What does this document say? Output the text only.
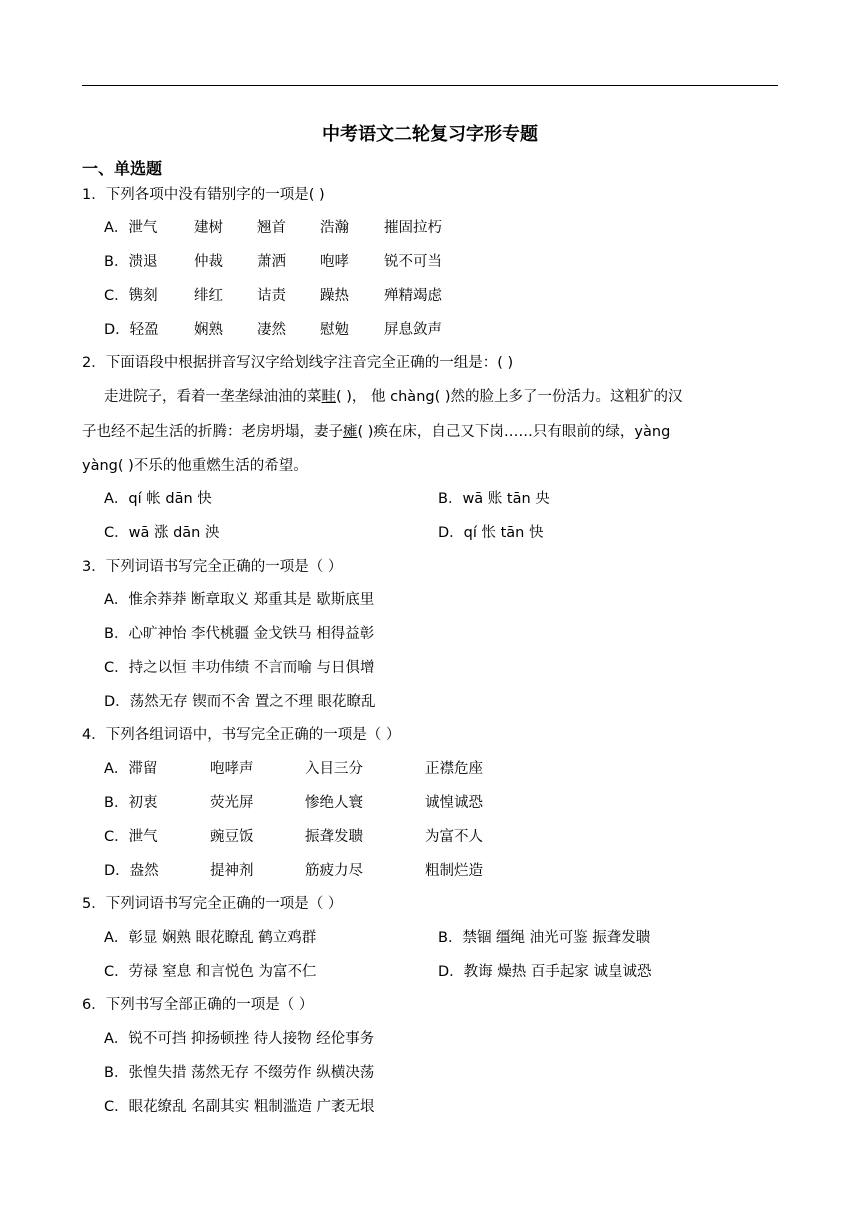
中考语文二轮复习字形专题
一、单选题
1．下列各项中没有错别字的一项是( )
A．泄气	建树 翘首 浩瀚 摧固拉朽
B．溃退	仲裁 萧洒 咆哮 锐不可当
C．镌刻	绯红 诘责 躁热 殚精竭虑
D．轻盈 娴熟 凄然 慰勉 屏息敛声
2．下面语段中根据拼音写汉字给划线字注音完全正确的一组是：( )
走进院子，看着一垄垄绿油油的菜畦( )， 他 chàng( )然的脸上多了一份活力。这粗犷的汉
子也经不起生活的折腾：老房坍塌，妻子瘫( )痪在床，自己又下岗……只有眼前的绿，yàng
yàng( )不乐的他重燃生活的希望。
A．qí 帐 dān 快	B．wā 账 tān 央
C．wā 涨 dān 泱	D．qí 怅 tān 快
3．下列词语书写完全正确的一项是（ ）
A．惟余莽莽 断章取义 郑重其是 歇斯底里
B．心旷神怡 李代桃疆 金戈铁马 相得益彰
C．持之以恒 丰功伟绩 不言而喻 与日俱增
D．荡然无存 锲而不舍 置之不理 眼花瞭乱
4．下列各组词语中，书写完全正确的一项是（ ）
A．滞留	咆哮声	入目三分	正襟危座
B．初衷	荧光屏	惨绝人寰	诚惶诚恐
C．泄气	豌豆饭	振聋发聩	为富不人
D．盎然	提神剂	筋疲力尽	粗制烂造
5．下列词语书写完全正确的一项是（ ）
A．彰显 娴熟 眼花瞭乱 鹤立鸡群	B．禁锢 缰绳 油光可鉴 振聋发聩
C．劳禄 窒息 和言悦色 为富不仁	D．教诲 燥热 百手起家 诚皇诚恐
6．下列书写全部正确的一项是（ ）
A．锐不可挡 抑扬顿挫 待人接物 经伦事务
B．张惶失措 荡然无存 不缀劳作 纵横决荡
C．眼花缭乱 名副其实 粗制滥造 广袤无垠
